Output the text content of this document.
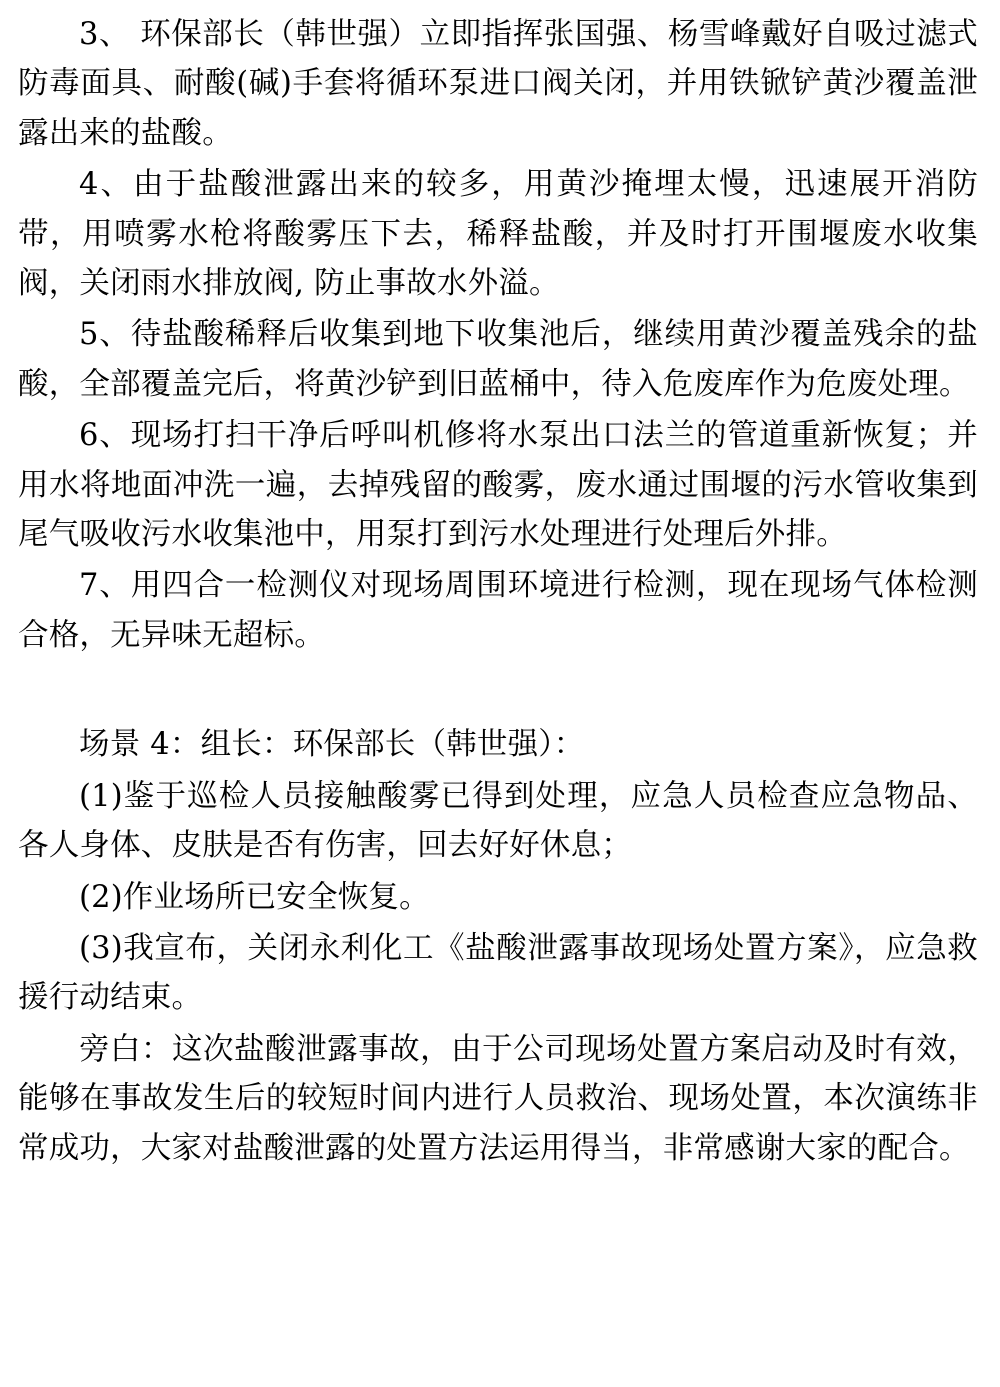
3、 环保部长（韩世强）立即指挥张国强、杨雪峰戴好自吸过滤式防毒面具、耐酸(碱)手套将循环泵进口阀关闭，并用铁锨铲黄沙覆盖泄露出来的盐酸。

4、由于盐酸泄露出来的较多，用黄沙掩埋太慢，迅速展开消防带，用喷雾水枪将酸雾压下去，稀释盐酸，并及时打开围堰废水收集阀，关闭雨水排放阀, 防止事故水外溢。

5、待盐酸稀释后收集到地下收集池后，继续用黄沙覆盖残余的盐酸，全部覆盖完后，将黄沙铲到旧蓝桶中，待入危废库作为危废处理。

6、现场打扫干净后呼叫机修将水泵出口法兰的管道重新恢复；并用水将地面冲洗一遍，去掉残留的酸雾，废水通过围堰的污水管收集到尾气吸收污水收集池中，用泵打到污水处理进行处理后外排。

7、用四合一检测仪对现场周围环境进行检测，现在现场气体检测合格，无异味无超标。

场景 4：组长：环保部长（韩世强）：

(1)鉴于巡检人员接触酸雾已得到处理，应急人员检查应急物品、各人身体、皮肤是否有伤害，回去好好休息；

(2)作业场所已安全恢复。

(3)我宣布，关闭永利化工《盐酸泄露事故现场处置方案》，应急救援行动结束。

旁白：这次盐酸泄露事故，由于公司现场处置方案启动及时有效，能够在事故发生后的较短时间内进行人员救治、现场处置，本次演练非常成功，大家对盐酸泄露的处置方法运用得当，非常感谢大家的配合。
